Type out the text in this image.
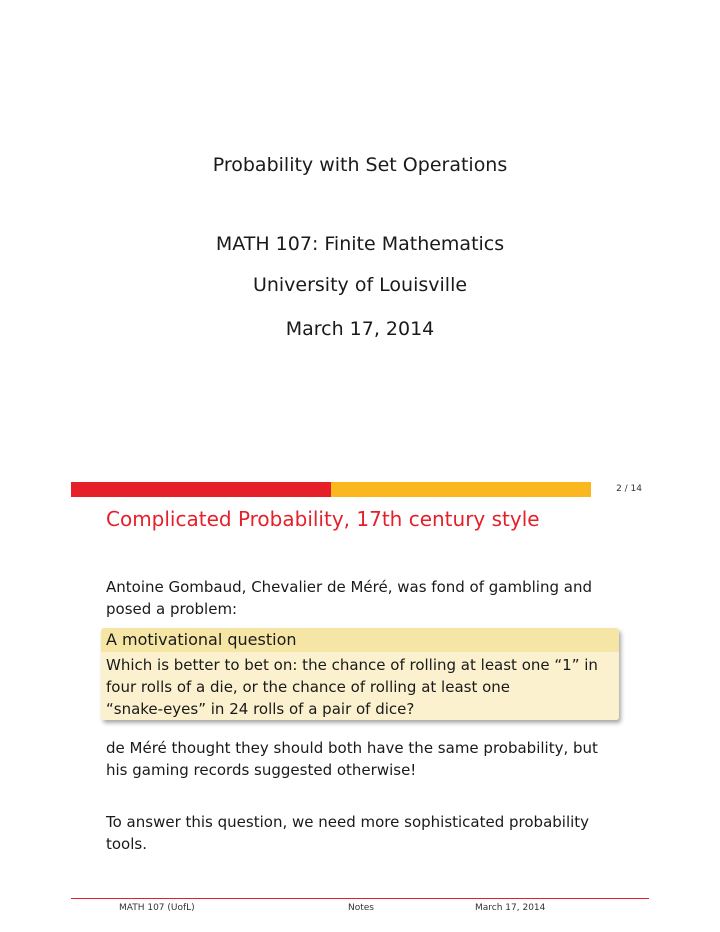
Probability with Set Operations
MATH 107: Finite Mathematics
University of Louisville
March 17, 2014
2 / 14
Complicated Probability, 17th century style
Antoine Gombaud, Chevalier de Méré, was fond of gambling and
posed a problem:
A motivational question
Which is better to bet on: the chance of rolling at least one “1” in
four rolls of a die, or the chance of rolling at least one
“snake-eyes” in 24 rolls of a pair of dice?
de Méré thought they should both have the same probability, but
his gaming records suggested otherwise!
To answer this question, we need more sophisticated probability
tools.
MATH 107 (UofL)	Notes	March 17, 2014
